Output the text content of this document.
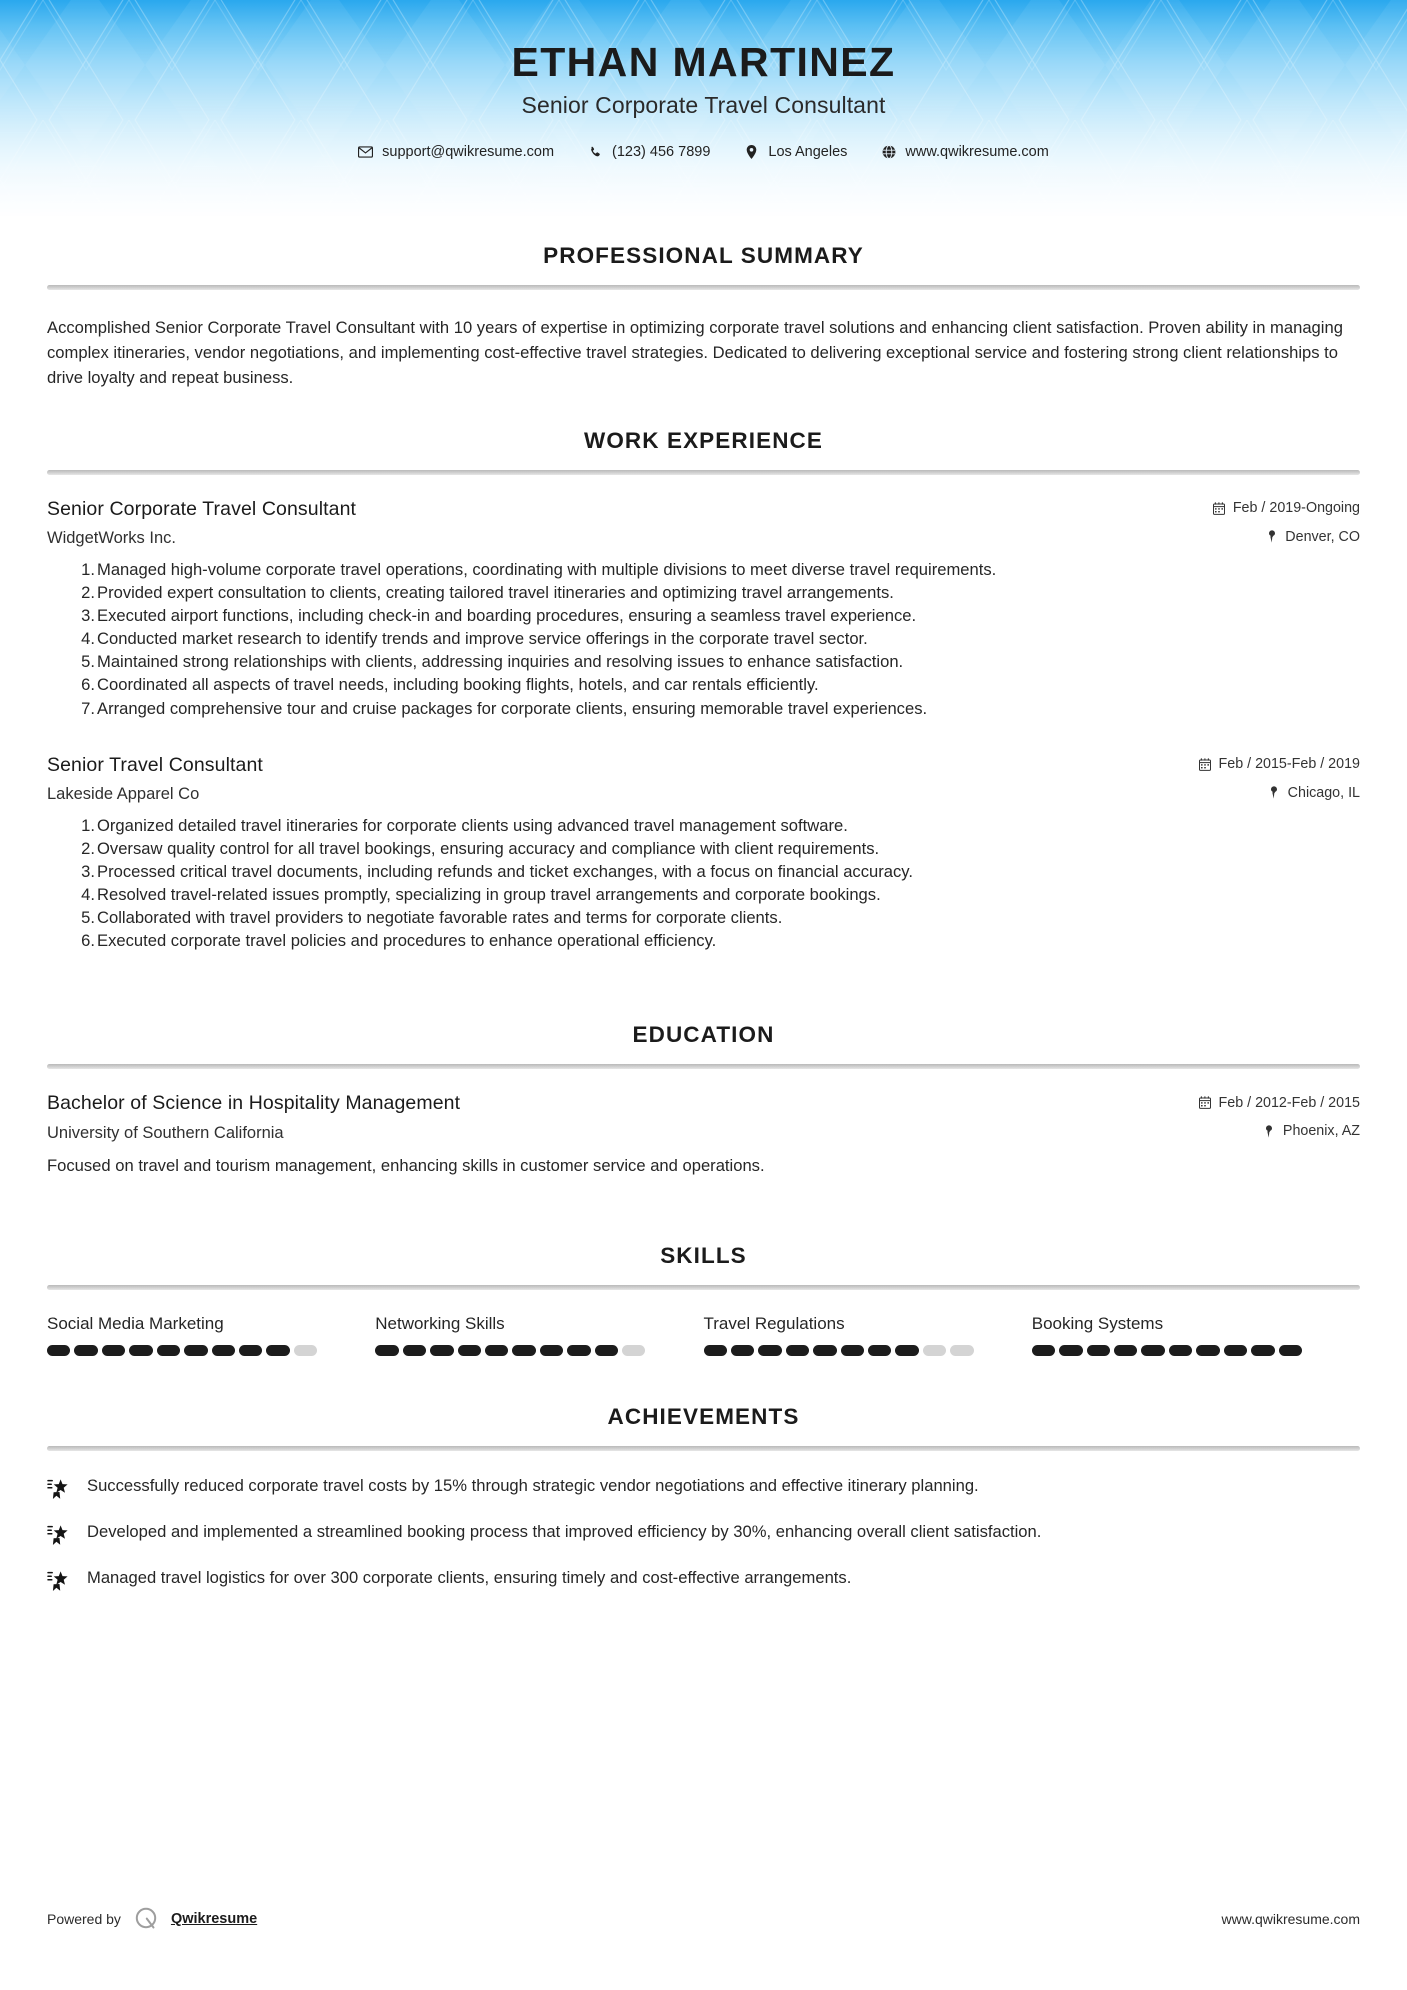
ETHAN MARTINEZ
Senior Corporate Travel Consultant
support@qwikresume.com	(123) 456 7899	Los Angeles	www.qwikresume.com
PROFESSIONAL SUMMARY

Accomplished Senior Corporate Travel Consultant with 10 years of expertise in optimizing corporate travel solutions and enhancing client satisfaction. Proven ability in managing complex itineraries, vendor negotiations, and implementing cost-effective travel strategies. Dedicated to delivering exceptional service and fostering strong client relationships to drive loyalty and repeat business.

WORK EXPERIENCE
Senior Corporate Travel Consultant	Feb / 2019-Ongoing
WidgetWorks Inc.	Denver, CO
Managed high-volume corporate travel operations, coordinating with multiple divisions to meet diverse travel requirements.
Provided expert consultation to clients, creating tailored travel itineraries and optimizing travel arrangements.
Executed airport functions, including check-in and boarding procedures, ensuring a seamless travel experience.
Conducted market research to identify trends and improve service offerings in the corporate travel sector.
Maintained strong relationships with clients, addressing inquiries and resolving issues to enhance satisfaction.
Coordinated all aspects of travel needs, including booking flights, hotels, and car rentals efficiently.
Arranged comprehensive tour and cruise packages for corporate clients, ensuring memorable travel experiences.
Senior Travel Consultant	Feb / 2015-Feb / 2019
Lakeside Apparel Co	Chicago, IL
Organized detailed travel itineraries for corporate clients using advanced travel management software.
Oversaw quality control for all travel bookings, ensuring accuracy and compliance with client requirements.
Processed critical travel documents, including refunds and ticket exchanges, with a focus on financial accuracy.
Resolved travel-related issues promptly, specializing in group travel arrangements and corporate bookings.
Collaborated with travel providers to negotiate favorable rates and terms for corporate clients.
Executed corporate travel policies and procedures to enhance operational efficiency.
EDUCATION
Bachelor of Science in Hospitality Management	Feb / 2012-Feb / 2015
University of Southern California	Phoenix, AZ

Focused on travel and tourism management, enhancing skills in customer service and operations.

SKILLS
Social Media Marketing	Networking Skills	Travel Regulations	Booking Systems
ACHIEVEMENTS
Successfully reduced corporate travel costs by 15% through strategic vendor negotiations and effective itinerary planning.
Developed and implemented a streamlined booking process that improved efficiency by 30%, enhancing overall client satisfaction.
Managed travel logistics for over 300 corporate clients, ensuring timely and cost-effective arrangements.
Powered by	Qwikresume	www.qwikresume.com
